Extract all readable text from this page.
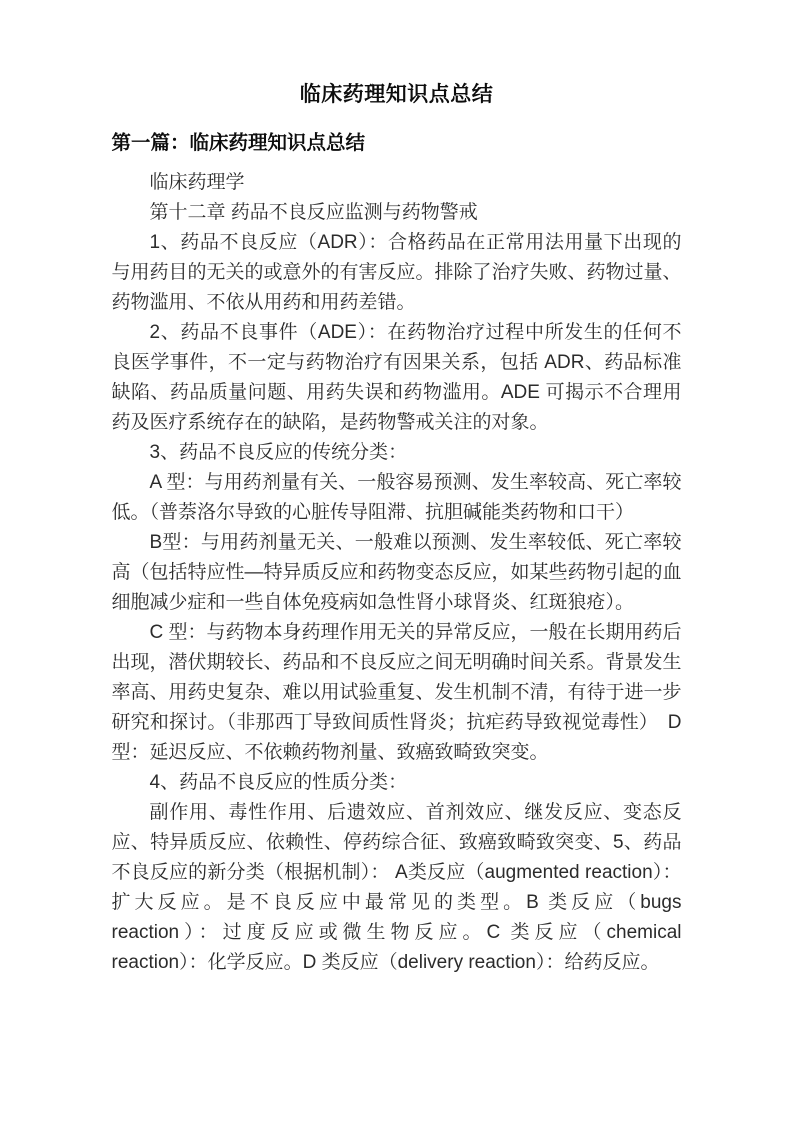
临床药理知识点总结
第一篇：临床药理知识点总结

临床药理学

第十二章 药品不良反应监测与药物警戒

1、药品不良反应（ADR）：合格药品在正常用法用量下出现的与用药目的无关的或意外的有害反应。排除了治疗失败、药物过量、药物滥用、不依从用药和用药差错。

2、药品不良事件（ADE）：在药物治疗过程中所发生的任何不良医学事件，不一定与药物治疗有因果关系，包括 ADR、药品标准缺陷、药品质量问题、用药失误和药物滥用。ADE 可揭示不合理用药及医疗系统存在的缺陷，是药物警戒关注的对象。

3、药品不良反应的传统分类：

A 型：与用药剂量有关、一般容易预测、发生率较高、死亡率较低。（普萘洛尔导致的心脏传导阻滞、抗胆碱能类药物和口干）

B型：与用药剂量无关、一般难以预测、发生率较低、死亡率较高（包括特应性—特异质反应和药物变态反应，如某些药物引起的血细胞减少症和一些自体免疫病如急性肾小球肾炎、红斑狼疮）。

C 型：与药物本身药理作用无关的异常反应，一般在长期用药后出现，潜伏期较长、药品和不良反应之间无明确时间关系。背景发生率高、用药史复杂、难以用试验重复、发生机制不清，有待于进一步研究和探讨。（非那西丁导致间质性肾炎；抗疟药导致视觉毒性）　D型：延迟反应、不依赖药物剂量、致癌致畸致突变。

4、药品不良反应的性质分类：

副作用、毒性作用、后遗效应、首剂效应、继发反应、变态反应、特异质反应、依赖性、停药综合征、致癌致畸致突变、5、药品不良反应的新分类（根据机制）： A类反应（augmented reaction）：扩大反应。是不良反应中最常见的类型。B 类反应（bugs reaction）：过度反应或微生物反应。C 类反应（chemical reaction）：化学反应。D 类反应（delivery reaction）：给药反应。
